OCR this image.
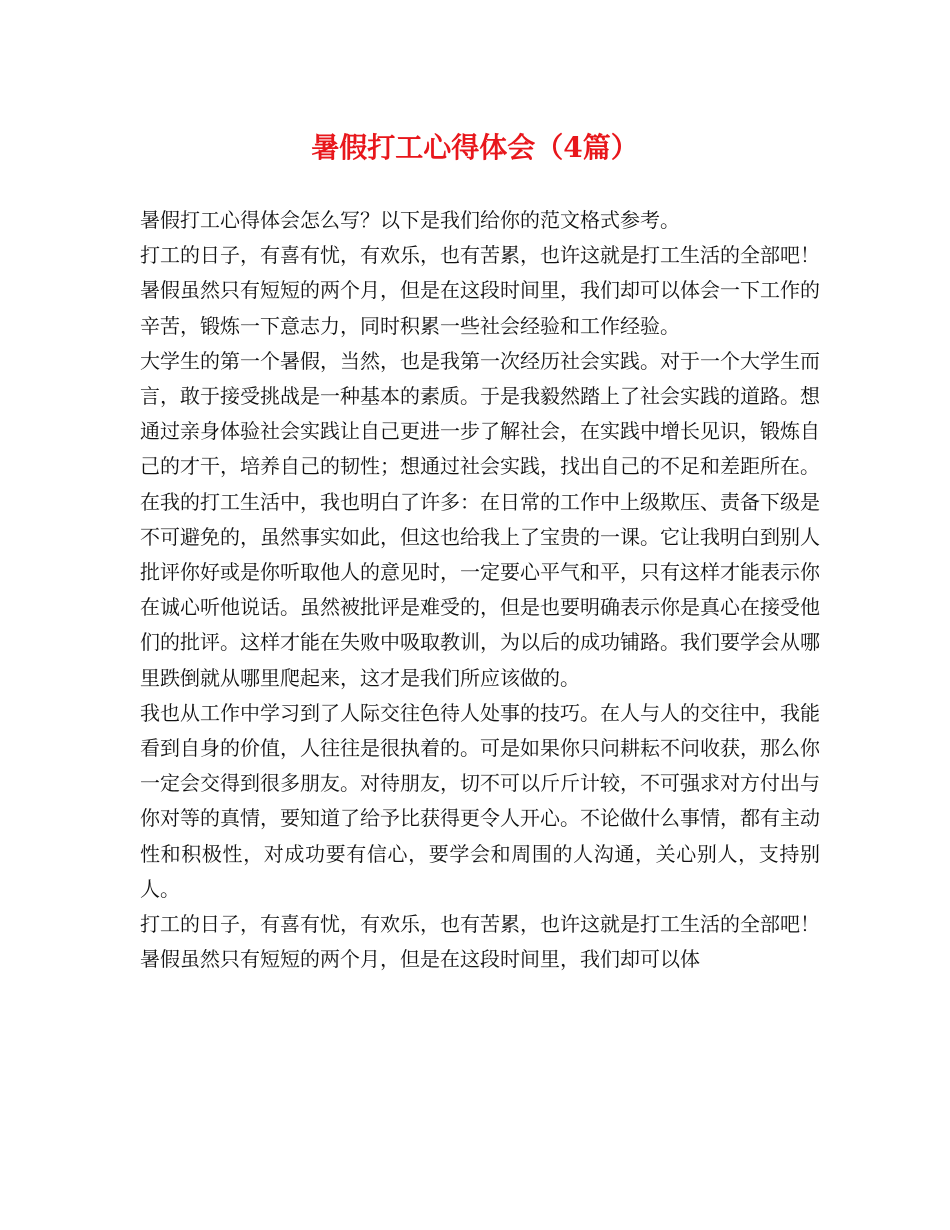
暑假打工心得体会（4篇）

暑假打工心得体会怎么写？以下是我们给你的范文格式参考。

打工的日子，有喜有忧，有欢乐，也有苦累，也许这就是打工生活的全部吧！暑假虽然只有短短的两个月，但是在这段时间里，我们却可以体会一下工作的辛苦，锻炼一下意志力，同时积累一些社会经验和工作经验。

大学生的第一个暑假，当然，也是我第一次经历社会实践。对于一个大学生而言，敢于接受挑战是一种基本的素质。于是我毅然踏上了社会实践的道路。想通过亲身体验社会实践让自己更进一步了解社会，在实践中增长见识，锻炼自己的才干，培养自己的韧性；想通过社会实践，找出自己的不足和差距所在。

在我的打工生活中，我也明白了许多：在日常的工作中上级欺压、责备下级是不可避免的，虽然事实如此，但这也给我上了宝贵的一课。它让我明白到别人批评你好或是你听取他人的意见时，一定要心平气和平，只有这样才能表示你在诚心听他说话。虽然被批评是难受的，但是也要明确表示你是真心在接受他们的批评。这样才能在失败中吸取教训，为以后的成功铺路。我们要学会从哪里跌倒就从哪里爬起来，这才是我们所应该做的。

我也从工作中学习到了人际交往色待人处事的技巧。在人与人的交往中，我能看到自身的价值，人往往是很执着的。可是如果你只问耕耘不问收获，那么你一定会交得到很多朋友。对待朋友，切不可以斤斤计较，不可强求对方付出与你对等的真情，要知道了给予比获得更令人开心。不论做什么事情，都有主动性和积极性，对成功要有信心，要学会和周围的人沟通，关心别人，支持别人。

打工的日子，有喜有忧，有欢乐，也有苦累，也许这就是打工生活的全部吧！暑假虽然只有短短的两个月，但是在这段时间里，我们却可以体
